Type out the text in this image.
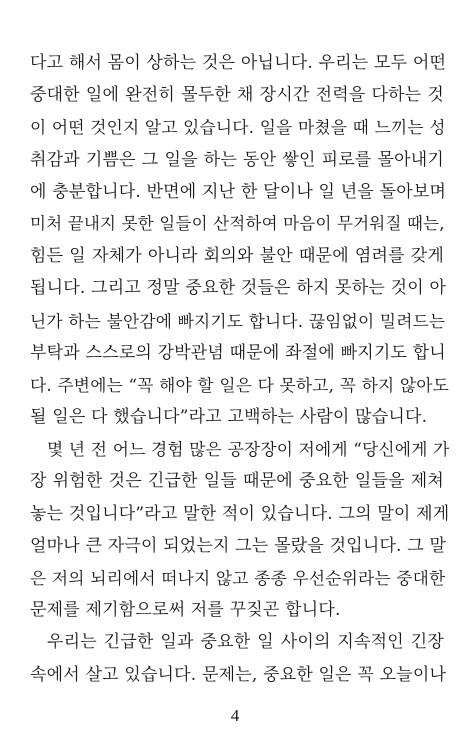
다고 해서 몸이 상하는 것은 아닙니다. 우리는 모두 어떤
중대한 일에 완전히 몰두한 채 장시간 전력을 다하는 것
이 어떤 것인지 알고 있습니다. 일을 마쳤을 때 느끼는 성
취감과 기쁨은 그 일을 하는 동안 쌓인 피로를 몰아내기
에 충분합니다. 반면에 지난 한 달이나 일 년을 돌아보며
미처 끝내지 못한 일들이 산적하여 마음이 무거워질 때는,
힘든 일 자체가 아니라 회의와 불안 때문에 염려를 갖게
됩니다. 그리고 정말 중요한 것들은 하지 못하는 것이 아
닌가 하는 불안감에 빠지기도 합니다. 끊임없이 밀려드는
부탁과 스스로의 강박관념 때문에 좌절에 빠지기도 합니
다. 주변에는 “꼭 해야 할 일은 다 못하고, 꼭 하지 않아도
될 일은 다 했습니다”라고 고백하는 사람이 많습니다.
몇 년 전 어느 경험 많은 공장장이 저에게 “당신에게 가
장 위험한 것은 긴급한 일들 때문에 중요한 일들을 제쳐
놓는 것입니다”라고 말한 적이 있습니다. 그의 말이 제게
얼마나 큰 자극이 되었는지 그는 몰랐을 것입니다. 그 말
은 저의 뇌리에서 떠나지 않고 종종 우선순위라는 중대한
문제를 제기함으로써 저를 꾸짖곤 합니다.
우리는 긴급한 일과 중요한 일 사이의 지속적인 긴장
속에서 살고 있습니다. 문제는, 중요한 일은 꼭 오늘이나
4
